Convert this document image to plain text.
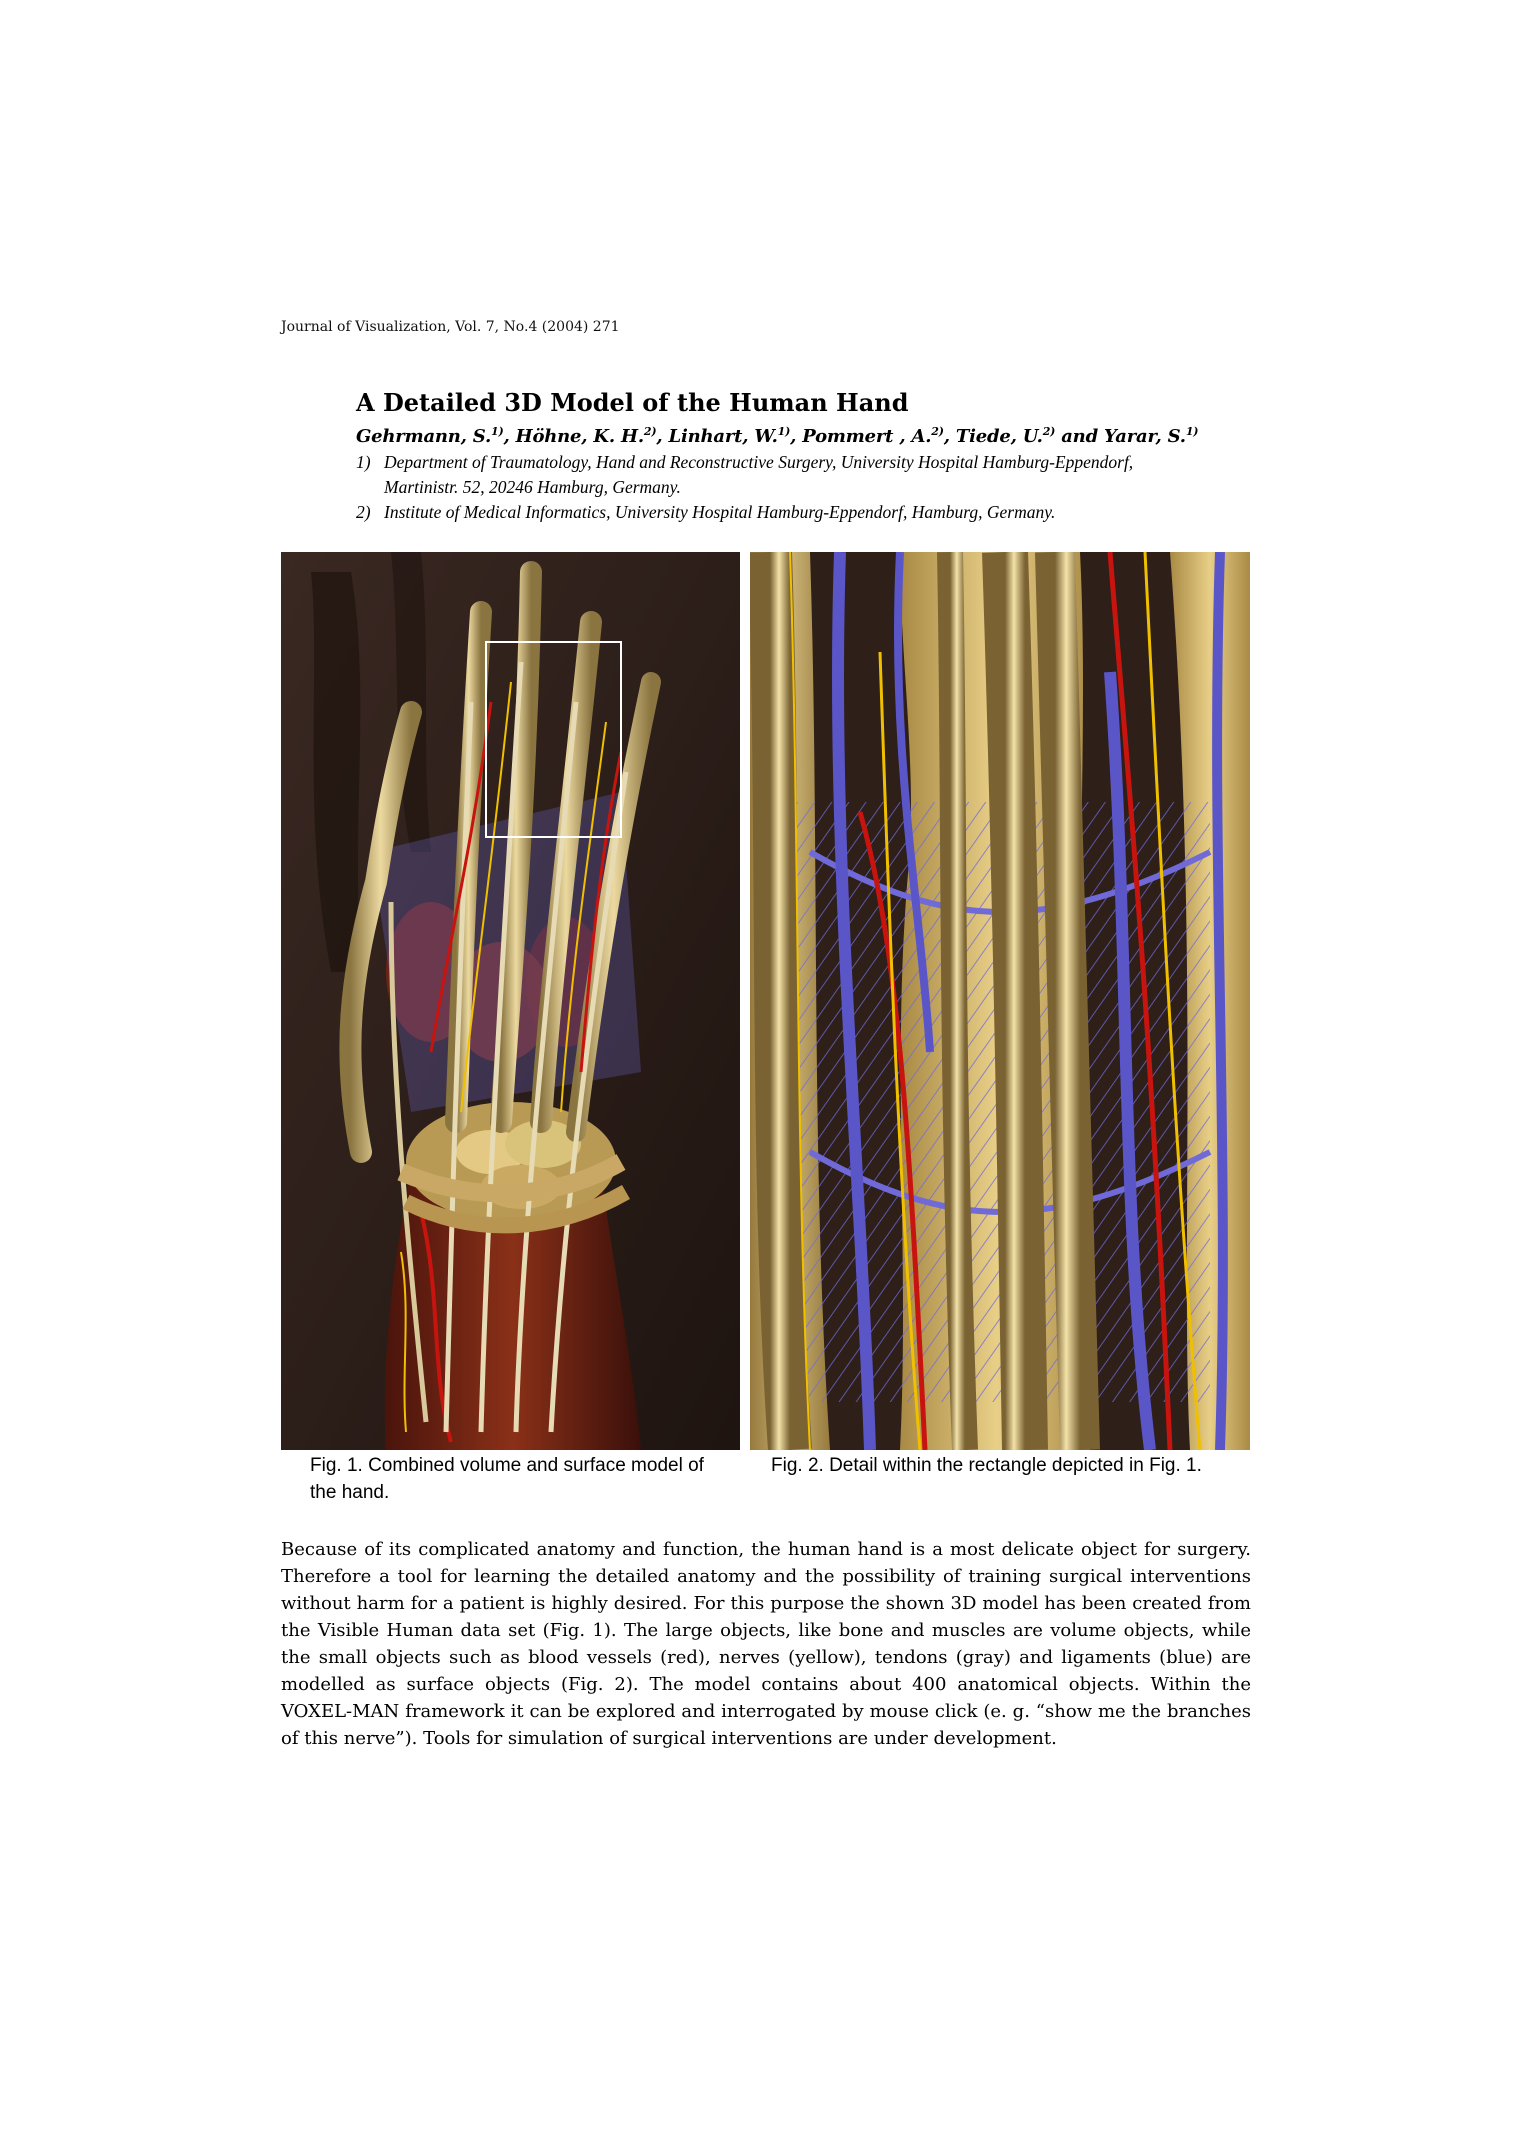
Journal of Visualization, Vol. 7, No.4 (2004) 271
A Detailed 3D Model of the Human Hand
Gehrmann, S.$^{1)}$, Höhne, K. H.$^{2)}$, Linhart, W.$^{1)}$, Pommert , A.$^{2)}$, Tiede, U.$^{2)}$ and Yarar, S.$^{1)}$
1) Department of Traumatology, Hand and Reconstructive Surgery, University Hospital Hamburg-Eppendorf, Martinistr. 52, 20246 Hamburg, Germany.
2) Institute of Medical Informatics, University Hospital Hamburg-Eppendorf, Hamburg, Germany.
Fig. 1. Combined volume and surface model of the hand.
Fig. 2. Detail within the rectangle depicted in Fig. 1.

Because of its complicated anatomy and function, the human hand is a most delicate object for surgery. Therefore a tool for learning the detailed anatomy and the possibility of training surgical interventions without harm for a patient is highly desired. For this purpose the shown 3D model has been created from the Visible Human data set (Fig. 1). The large objects, like bone and muscles are volume objects, while the small objects such as blood vessels (red), nerves (yellow), tendons (gray) and ligaments (blue) are modelled as surface objects (Fig. 2). The model contains about 400 anatomical objects. Within the VOXEL-MAN framework it can be explored and interrogated by mouse click (e. g. “show me the branches of this nerve”). Tools for simulation of surgical interventions are under development.
